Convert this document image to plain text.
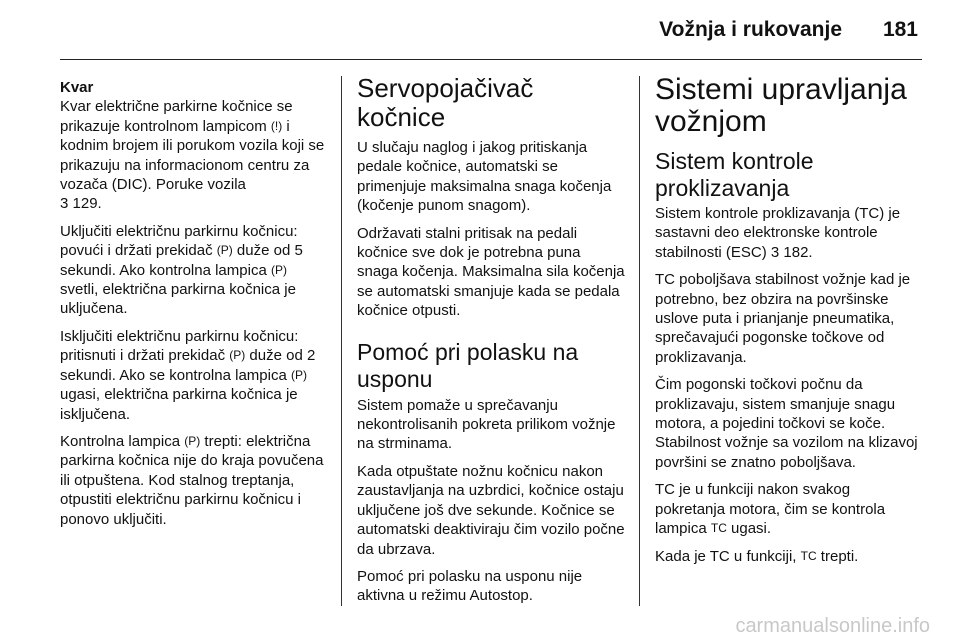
Vožnja i rukovanje 181
Kvar

Kvar električne parkirne kočnice se prikazuje kontrolnom lampicom (!) i kodnim brojem ili porukom vozila koji se prikazuju na informacionom centru za vozača (DIC). Poruke vozila
3 129.

Uključiti električnu parkirnu kočnicu: povući i držati prekidač (P) duže od 5 sekundi. Ako kontrolna lampica (P) svetli, električna parkirna kočnica je uključena.

Isključiti električnu parkirnu kočnicu: pritisnuti i držati prekidač (P) duže od 2 sekundi. Ako se kontrolna lampica (P) ugasi, električna parkirna kočnica je isključena.

Kontrolna lampica (P) trepti: električna parkirna kočnica nije do kraja povučena ili otpuštena. Kod stalnog treptanja, otpustiti električnu parkirnu kočnicu i ponovo uključiti.

Servopojačivač kočnice

U slučaju naglog i jakog pritiskanja pedale kočnice, automatski se primenjuje maksimalna snaga kočenja (kočenje punom snagom).

Održavati stalni pritisak na pedali kočnice sve dok je potrebna puna snaga kočenja. Maksimalna sila kočenja se automatski smanjuje kada se pedala kočnice otpusti.

Pomoć pri polasku na usponu

Sistem pomaže u sprečavanju nekontrolisanih pokreta prilikom vožnje na strminama.

Kada otpuštate nožnu kočnicu nakon zaustavljanja na uzbrdici, kočnice ostaju uključene još dve sekunde. Kočnice se automatski deaktiviraju čim vozilo počne da ubrzava.

Pomoć pri polasku na usponu nije aktivna u režimu Autostop.

Sistemi upravljanja vožnjom
Sistem kontrole proklizavanja

Sistem kontrole proklizavanja (TC) je sastavni deo elektronske kontrole stabilnosti (ESC) 3 182.

TC poboljšava stabilnost vožnje kad je potrebno, bez obzira na površinske uslove puta i prianjanje pneumatika, sprečavajući pogonske točkove od proklizavanja.

Čim pogonski točkovi počnu da proklizavaju, sistem smanjuje snagu motora, a pojedini točkovi se koče. Stabilnost vožnje sa vozilom na klizavoj površini se znatno poboljšava.

TC je u funkciji nakon svakog pokretanja motora, čim se kontrola lampica ТС ugasi.

Kada je TC u funkciji, ТС trepti.

carmanualsonline.info
